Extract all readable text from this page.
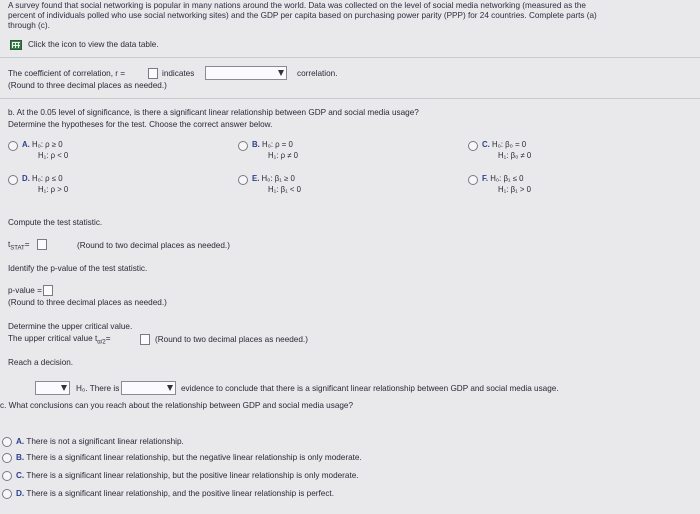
A survey found that social networking is popular in many nations around the world. Data was collected on the level of social media networking (measured as the
percent of individuals polled who use social networking sites) and the GDP per capita based on purchasing power parity (PPP) for 24 countries. Complete parts (a)
through (c).
Click the icon to view the data table.
The coefficient of correlation, r =	indicates	correlation.
(Round to three decimal places as needed.)
b. At the 0.05 level of significance, is there a significant linear relationship between GDP and social media usage?
Determine the hypotheses for the test. Choose the correct answer below.
A. H₀: ρ ≥ 0
H₁: ρ < 0
B. H₀: ρ = 0
H₁: ρ ≠ 0
C. H₀: β₀ = 0
H₁: β₀ ≠ 0
D. H₀: ρ ≤ 0
H₁: ρ > 0
E. H₀: β₁ ≥ 0
H₁: β₁ < 0
F. H₀: β₁ ≤ 0
H₁: β₁ > 0
Compute the test statistic.
$t_{STAT}=$	(Round to two decimal places as needed.)
Identify the p-value of the test statistic.
p-value =
(Round to three decimal places as needed.)
Determine the upper critical value.
The upper critical value $t_{\alpha/2}=$	(Round to two decimal places as needed.)
Reach a decision.
H₀. There is	evidence to conclude that there is a significant linear relationship between GDP and social media usage.
c. What conclusions can you reach about the relationship between GDP and social media usage?
A. There is not a significant linear relationship.
B. There is a significant linear relationship, but the negative linear relationship is only moderate.
C. There is a significant linear relationship, but the positive linear relationship is only moderate.
D. There is a significant linear relationship, and the positive linear relationship is perfect.
